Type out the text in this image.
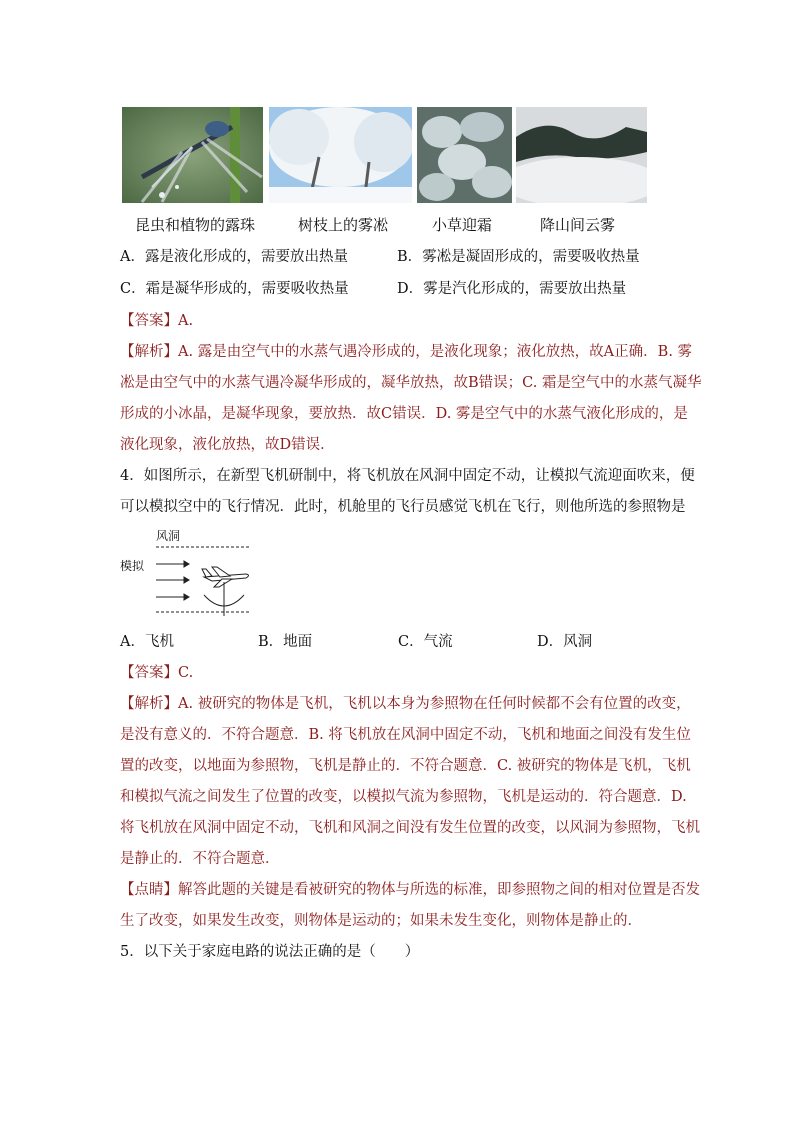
昆虫和植物的露珠	树枝上的雾凇	小草迎霜	降山间云雾
A．露是液化形成的，需要放出热量	B．雾凇是凝固形成的，需要吸收热量
C．霜是凝华形成的，需要吸收热量	D．雾是汽化形成的，需要放出热量
【答案】A.
【解析】A. 露是由空气中的水蒸气遇冷形成的，是液化现象；液化放热，故A正确．B. 雾
凇是由空气中的水蒸气遇冷凝华形成的，凝华放热，故B错误；C. 霜是空气中的水蒸气凝华
形成的小冰晶，是凝华现象，要放热．故C错误．D. 雾是空气中的水蒸气液化形成的，是
液化现象，液化放热，故D错误．
4．如图所示，在新型飞机研制中，将飞机放在风洞中固定不动，让模拟气流迎面吹来，便
可以模拟空中的飞行情况．此时，机舱里的飞行员感觉飞机在飞行，则他所选的参照物是
风洞
模拟
A．飞机	B．地面	C．气流	D．风洞
【答案】C.
【解析】A. 被研究的物体是飞机，飞机以本身为参照物在任何时候都不会有位置的改变，
是没有意义的．不符合题意．B. 将飞机放在风洞中固定不动，飞机和地面之间没有发生位
置的改变，以地面为参照物，飞机是静止的．不符合题意．C. 被研究的物体是飞机，飞机
和模拟气流之间发生了位置的改变，以模拟气流为参照物，飞机是运动的．符合题意．D.
将飞机放在风洞中固定不动，飞机和风洞之间没有发生位置的改变，以风洞为参照物，飞机
是静止的．不符合题意．
【点睛】解答此题的关键是看被研究的物体与所选的标准，即参照物之间的相对位置是否发
生了改变，如果发生改变，则物体是运动的；如果未发生变化，则物体是静止的．
5．以下关于家庭电路的说法正确的是（　　）
